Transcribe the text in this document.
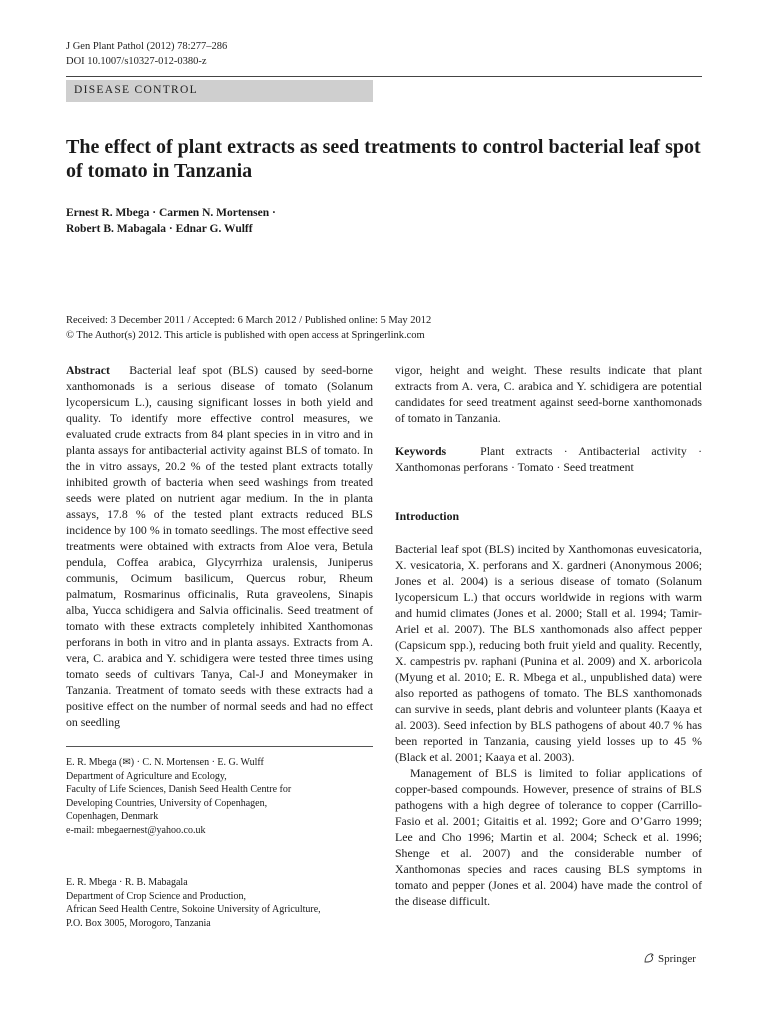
J Gen Plant Pathol (2012) 78:277–286
DOI 10.1007/s10327-012-0380-z
DISEASE CONTROL
The effect of plant extracts as seed treatments to control bacterial leaf spot of tomato in Tanzania
Ernest R. Mbega · Carmen N. Mortensen ·
Robert B. Mabagala · Ednar G. Wulff
Received: 3 December 2011 / Accepted: 6 March 2012 / Published online: 5 May 2012
© The Author(s) 2012. This article is published with open access at Springerlink.com

Abstract Bacterial leaf spot (BLS) caused by seed-borne xanthomonads is a serious disease of tomato (Solanum lycopersicum L.), causing significant losses in both yield and quality. To identify more effective control measures, we evaluated crude extracts from 84 plant species in in vitro and in planta assays for antibacterial activity against BLS of tomato. In the in vitro assays, 20.2 % of the tested plant extracts totally inhibited growth of bacteria when seed washings from treated seeds were plated on nutrient agar medium. In the in planta assays, 17.8 % of the tested plant extracts reduced BLS incidence by 100 % in tomato seedlings. The most effective seed treatments were obtained with extracts from Aloe vera, Betula pendula, Coffea arabica, Glycyrrhiza uralensis, Juniperus communis, Ocimum basilicum, Quercus robur, Rheum palmatum, Rosmarinus officinalis, Ruta graveolens, Sinapis alba, Yucca schidigera and Salvia officinalis. Seed treatment of tomato with these extracts completely inhibited Xanthomonas perforans in both in vitro and in planta assays. Extracts from A. vera, C. arabica and Y. schidigera were tested three times using tomato seeds of cultivars Tanya, Cal-J and Moneymaker in Tanzania. Treatment of tomato seeds with these extracts had a positive effect on the number of normal seeds and had no effect on seedling

E. R. Mbega (✉) · C. N. Mortensen · E. G. Wulff
Department of Agriculture and Ecology,
Faculty of Life Sciences, Danish Seed Health Centre for
Developing Countries, University of Copenhagen,
Copenhagen, Denmark
e-mail: mbegaernest@yahoo.co.uk
E. R. Mbega · R. B. Mabagala
Department of Crop Science and Production,
African Seed Health Centre, Sokoine University of Agriculture,
P.O. Box 3005, Morogoro, Tanzania
vigor, height and weight. These results indicate that plant extracts from A. vera, C. arabica and Y. schidigera are potential candidates for seed treatment against seed-borne xanthomonads of tomato in Tanzania.

Keywords	Plant extracts · Antibacterial activity · Xanthomonas perforans · Tomato · Seed treatment

Introduction

Bacterial leaf spot (BLS) incited by Xanthomonas euvesicatoria, X. vesicatoria, X. perforans and X. gardneri (Anonymous 2006; Jones et al. 2004) is a serious disease of tomato (Solanum lycopersicum L.) that occurs worldwide in regions with warm and humid climates (Jones et al. 2000; Stall et al. 1994; Tamir-Ariel et al. 2007). The BLS xanthomonads also affect pepper (Capsicum spp.), reducing both fruit yield and quality. Recently, X. campestris pv. raphani (Punina et al. 2009) and X. arboricola (Myung et al. 2010; E. R. Mbega et al., unpublished data) were also reported as pathogens of tomato. The BLS xanthomonads can survive in seeds, plant debris and volunteer plants (Kaaya et al. 2003). Seed infection by BLS pathogens of about 40.7 % has been reported in Tanzania, causing yield losses up to 45 % (Black et al. 2001; Kaaya et al. 2003).

Management of BLS is limited to foliar applications of copper-based compounds. However, presence of strains of BLS pathogens with a high degree of tolerance to copper (Carrillo-Fasio et al. 2001; Gitaitis et al. 1992; Gore and O’Garro 1999; Lee and Cho 1996; Martin et al. 2004; Scheck et al. 1996; Shenge et al. 2007) and the considerable number of Xanthomonas species and races causing BLS symptoms in tomato and pepper (Jones et al. 2004) have made the control of the disease difficult.

Springer
